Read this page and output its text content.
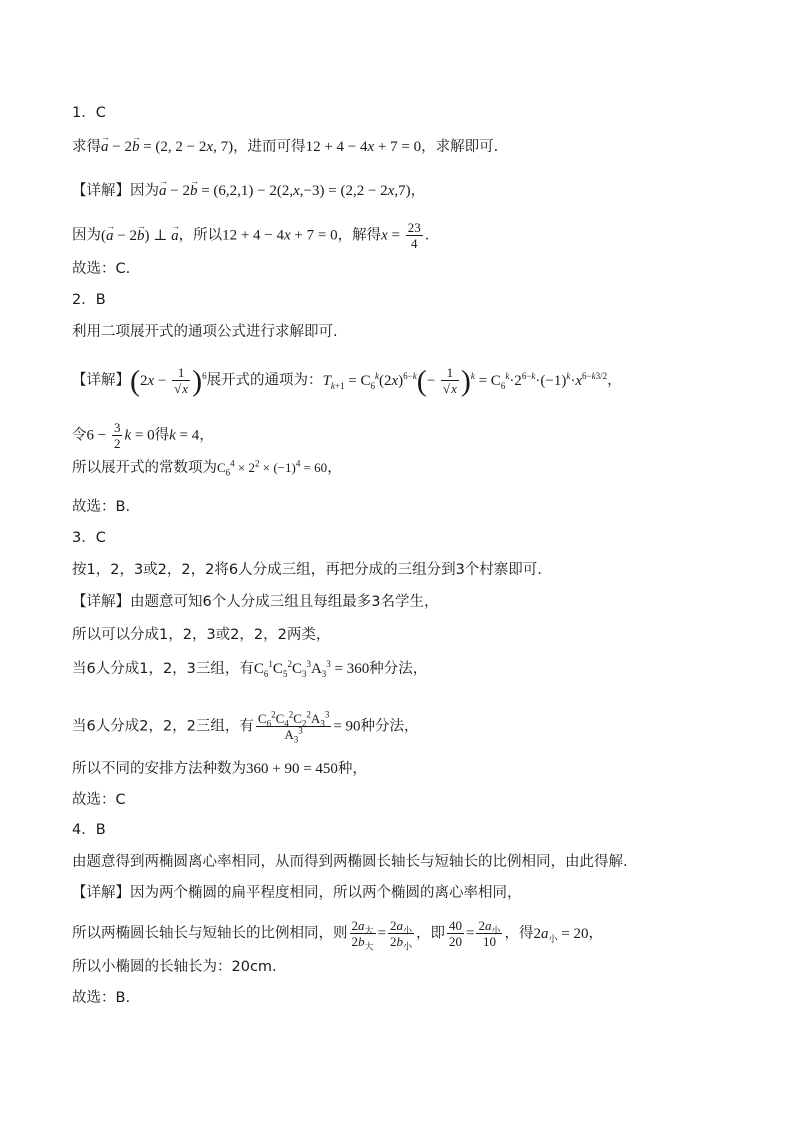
1．C
求得→ a − 2→ b = (2, 2 − 2x, 7)，进而可得12 + 4 − 4x + 7 = 0，求解即可.
【详解】因为→ a − 2→ b = (6,2,1) − 2(2,x,−3) = (2,2 − 2x,7)，
因为(→ a − 2→ b) ⊥ → a，所以12 + 4 − 4x + 7 = 0，解得$x = \frac{23}{4}$ .
故选：C.
2．B
利用二项展开式的通项公式进行求解即可.
【详解】$(2x - \frac{1}{√x} )^6$展开式的通项为：$T_{k+1} = C_6^k(2x)^{6-k}(- \frac{1}{√x} )^k = C_6^k\cdot 2^{6-k}\cdot(-1)^k\cdot x^{6-k3/2}$，
令$6 - \frac{3}{2}$ k = 0得k = 4，
所以展开式的常数项为$C_6^4 \times 2^2 \times (-1)^4 = 60$，
故选：B.
3．C
按1，2，3或2，2，2将6人分成三组，再把分成的三组分到3个村寨即可.
【详解】由题意可知6个人分成三组且每组最多3名学生，
所以可以分成1，2，3或2，2，2两类，
当6人分成1，2，3三组，有$C_6^1C_5^2C_3^3A_3^3 = 360$种分法，
当6人分成2，2，2三组，有 $\frac{C_6^2C_4^2C_2^2A_3^3}{A_3^3} = 90$种分法，
所以不同的安排方法种数为360 + 90 = 450种，
故选：C
4．B
由题意得到两椭圆离心率相同，从而得到两椭圆长轴长与短轴长的比例相同，由此得解.
【详解】因为两个椭圆的扁平程度相同，所以两个椭圆的离心率相同，
所以两椭圆长轴长与短轴长的比例相同，则 $\frac{2a_大}{2b_大} = \frac{2a_小}{2b_小}$ ，即 $\frac{40}{20} = \frac{2a_小}{10}$ ，得$2a_小 = 20$，
所以小椭圆的长轴长为：20cm.
故选：B.
